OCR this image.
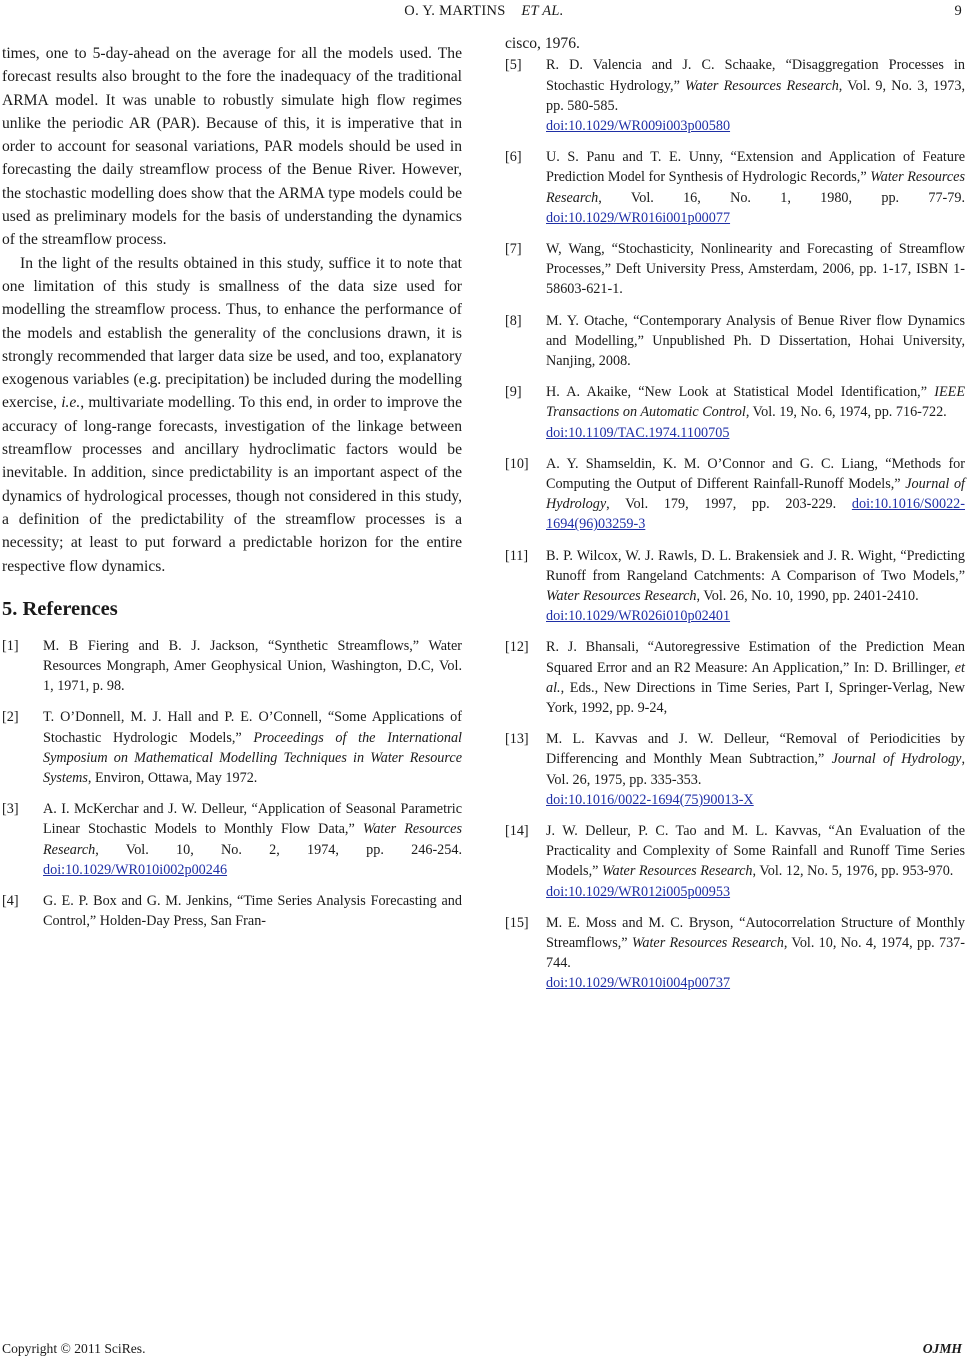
O. Y. MARTINS ET AL.	9

times, one to 5-day-ahead on the average for all the models used. The forecast results also brought to the fore the inadequacy of the traditional ARMA model. It was unable to robustly simulate high flow regimes unlike the periodic AR (PAR). Because of this, it is imperative that in order to account for seasonal variations, PAR models should be used in forecasting the daily streamflow process of the Benue River. However, the stochastic modelling does show that the ARMA type models could be used as preliminary models for the basis of understanding the dynamics of the streamflow process.

In the light of the results obtained in this study, suffice it to note that one limitation of this study is smallness of the data size used for modelling the streamflow process. Thus, to enhance the performance of the models and establish the generality of the conclusions drawn, it is strongly recommended that larger data size be used, and too, explanatory exogenous variables (e.g. precipitation) be included during the modelling exercise, i.e., multivariate modelling. To this end, in order to improve the accuracy of long-range forecasts, investigation of the linkage between streamflow processes and ancillary hydroclimatic factors would be inevitable. In addition, since predictability is an important aspect of the dynamics of hydrological processes, though not considered in this study, a definition of the predictability of the streamflow processes is a necessity; at least to put forward a predictable horizon for the entire respective flow dynamics.

5. References
[1]	M. B Fiering and B. J. Jackson, “Synthetic Streamflows,” Water Resources Mongraph, Amer Geophysical Union, Washington, D.C, Vol. 1, 1971, p. 98.
[2]	T. O’Donnell, M. J. Hall and P. E. O’Connell, “Some Applications of Stochastic Hydrologic Models,” Proceedings of the International Symposium on Mathematical Modelling Techniques in Water Resource Systems, Environ, Ottawa, May 1972.
[3]	A. I. McKerchar and J. W. Delleur, “Application of Seasonal Parametric Linear Stochastic Models to Monthly Flow Data,” Water Resources Research, Vol. 10, No. 2, 1974, pp. 246-254. doi:10.1029/WR010i002p00246
[4]	G. E. P. Box and G. M. Jenkins, “Time Series Analysis Forecasting and Control,” Holden-Day Press, San Fran-
cisco, 1976.
[5]	R. D. Valencia and J. C. Schaake, “Disaggregation Processes in Stochastic Hydrology,” Water Resources Research, Vol. 9, No. 3, 1973, pp. 580-585.
doi:10.1029/WR009i003p00580
[6]	U. S. Panu and T. E. Unny, “Extension and Application of Feature Prediction Model for Synthesis of Hydrologic Records,” Water Resources Research, Vol. 16, No. 1, 1980, pp. 77-79. doi:10.1029/WR016i001p00077
[7]	W, Wang, “Stochasticity, Nonlinearity and Forecasting of Streamflow Processes,” Deft University Press, Amsterdam, 2006, pp. 1-17, ISBN 1-58603-621-1.
[8]	M. Y. Otache, “Contemporary Analysis of Benue River flow Dynamics and Modelling,” Unpublished Ph. D Dissertation, Hohai University, Nanjing, 2008.
[9]	H. A. Akaike, “New Look at Statistical Model Identification,” IEEE Transactions on Automatic Control, Vol. 19, No. 6, 1974, pp. 716-722.
doi:10.1109/TAC.1974.1100705
[10]	A. Y. Shamseldin, K. M. O’Connor and G. C. Liang, “Methods for Computing the Output of Different Rainfall-Runoff Models,” Journal of Hydrology, Vol. 179, 1997, pp. 203-229. doi:10.1016/S0022-1694(96)03259-3
[11]	B. P. Wilcox, W. J. Rawls, D. L. Brakensiek and J. R. Wight, “Predicting Runoff from Rangeland Catchments: A Comparison of Two Models,” Water Resources Research, Vol. 26, No. 10, 1990, pp. 2401-2410.
doi:10.1029/WR026i010p02401
[12]	R. J. Bhansali, “Autoregressive Estimation of the Prediction Mean Squared Error and an R2 Measure: An Application,” In: D. Brillinger, et al., Eds., New Directions in Time Series, Part I, Springer-Verlag, New York, 1992, pp. 9-24,
[13]	M. L. Kavvas and J. W. Delleur, “Removal of Periodicities by Differencing and Monthly Mean Subtraction,” Journal of Hydrology, Vol. 26, 1975, pp. 335-353.
doi:10.1016/0022-1694(75)90013-X
[14]	J. W. Delleur, P. C. Tao and M. L. Kavvas, “An Evaluation of the Practicality and Complexity of Some Rainfall and Runoff Time Series Models,” Water Resources Research, Vol. 12, No. 5, 1976, pp. 953-970.
doi:10.1029/WR012i005p00953
[15]	M. E. Moss and M. C. Bryson, “Autocorrelation Structure of Monthly Streamflows,” Water Resources Research, Vol. 10, No. 4, 1974, pp. 737-744.
doi:10.1029/WR010i004p00737
Copyright © 2011 SciRes.	OJMH
